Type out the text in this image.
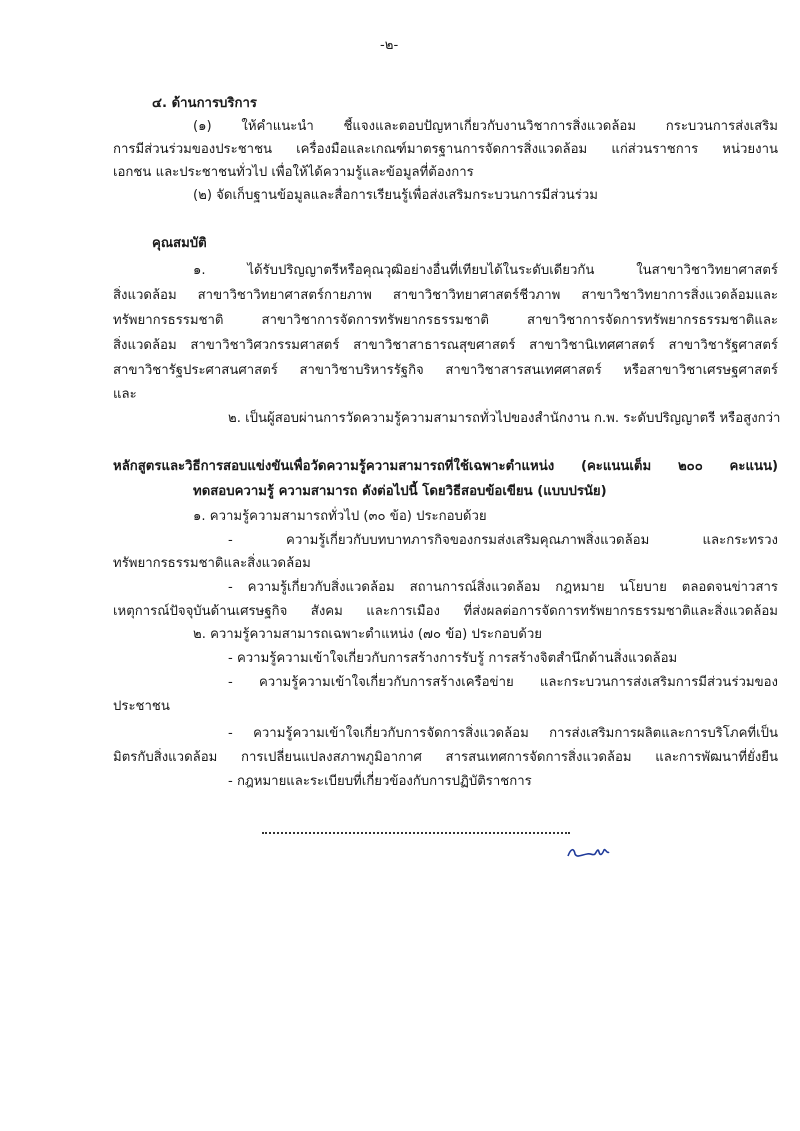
-๒-
๔. ด้านการบริการ
(๑) ให้คำแนะนำ ชี้แจงและตอบปัญหาเกี่ยวกับงานวิชาการสิ่งแวดล้อม กระบวนการส่งเสริม
การมีส่วนร่วมของประชาชน เครื่องมือและเกณฑ์มาตรฐานการจัดการสิ่งแวดล้อม แก่ส่วนราชการ หน่วยงาน
เอกชน และประชาชนทั่วไป เพื่อให้ได้ความรู้และข้อมูลที่ต้องการ
(๒) จัดเก็บฐานข้อมูลและสื่อการเรียนรู้เพื่อส่งเสริมกระบวนการมีส่วนร่วม
คุณสมบัติ
๑. ได้รับปริญญาตรีหรือคุณวุฒิอย่างอื่นที่เทียบได้ในระดับเดียวกัน ในสาขาวิชาวิทยาศาสตร์
สิ่งแวดล้อม สาขาวิชาวิทยาศาสตร์กายภาพ สาขาวิชาวิทยาศาสตร์ชีวภาพ สาขาวิชาวิทยาการสิ่งแวดล้อมและ
ทรัพยากรธรรมชาติ สาขาวิชาการจัดการทรัพยากรธรรมชาติ สาขาวิชาการจัดการทรัพยากรธรรมชาติและ
สิ่งแวดล้อม สาขาวิชาวิศวกรรมศาสตร์ สาขาวิชาสาธารณสุขศาสตร์ สาขาวิชานิเทศศาสตร์ สาขาวิชารัฐศาสตร์
สาขาวิชารัฐประศาสนศาสตร์ สาขาวิชาบริหารรัฐกิจ สาขาวิชาสารสนเทศศาสตร์ หรือสาขาวิชาเศรษฐศาสตร์
และ
๒. เป็นผู้สอบผ่านการวัดความรู้ความสามารถทั่วไปของสำนักงาน ก.พ. ระดับปริญญาตรี หรือสูงกว่า
หลักสูตรและวิธีการสอบแข่งขันเพื่อวัดความรู้ความสามารถที่ใช้เฉพาะตำแหน่ง (คะแนนเต็ม ๒๐๐ คะแนน)
ทดสอบความรู้ ความสามารถ ดังต่อไปนี้ โดยวิธีสอบข้อเขียน (แบบปรนัย)
๑. ความรู้ความสามารถทั่วไป (๓๐ ข้อ) ประกอบด้วย
- ความรู้เกี่ยวกับบทบาทภารกิจของกรมส่งเสริมคุณภาพสิ่งแวดล้อม และกระทรวง
ทรัพยากรธรรมชาติและสิ่งแวดล้อม
- ความรู้เกี่ยวกับสิ่งแวดล้อม สถานการณ์สิ่งแวดล้อม กฎหมาย นโยบาย ตลอดจนข่าวสาร
เหตุการณ์ปัจจุบันด้านเศรษฐกิจ สังคม และการเมือง ที่ส่งผลต่อการจัดการทรัพยากรธรรมชาติและสิ่งแวดล้อม
๒. ความรู้ความสามารถเฉพาะตำแหน่ง (๗๐ ข้อ) ประกอบด้วย
- ความรู้ความเข้าใจเกี่ยวกับการสร้างการรับรู้ การสร้างจิตสำนึกด้านสิ่งแวดล้อม
- ความรู้ความเข้าใจเกี่ยวกับการสร้างเครือข่าย และกระบวนการส่งเสริมการมีส่วนร่วมของ
ประชาชน
- ความรู้ความเข้าใจเกี่ยวกับการจัดการสิ่งแวดล้อม การส่งเสริมการผลิตและการบริโภคที่เป็น
มิตรกับสิ่งแวดล้อม การเปลี่ยนแปลงสภาพภูมิอากาศ สารสนเทศการจัดการสิ่งแวดล้อม และการพัฒนาที่ยั่งยืน
- กฎหมายและระเบียบที่เกี่ยวข้องกับการปฏิบัติราชการ
